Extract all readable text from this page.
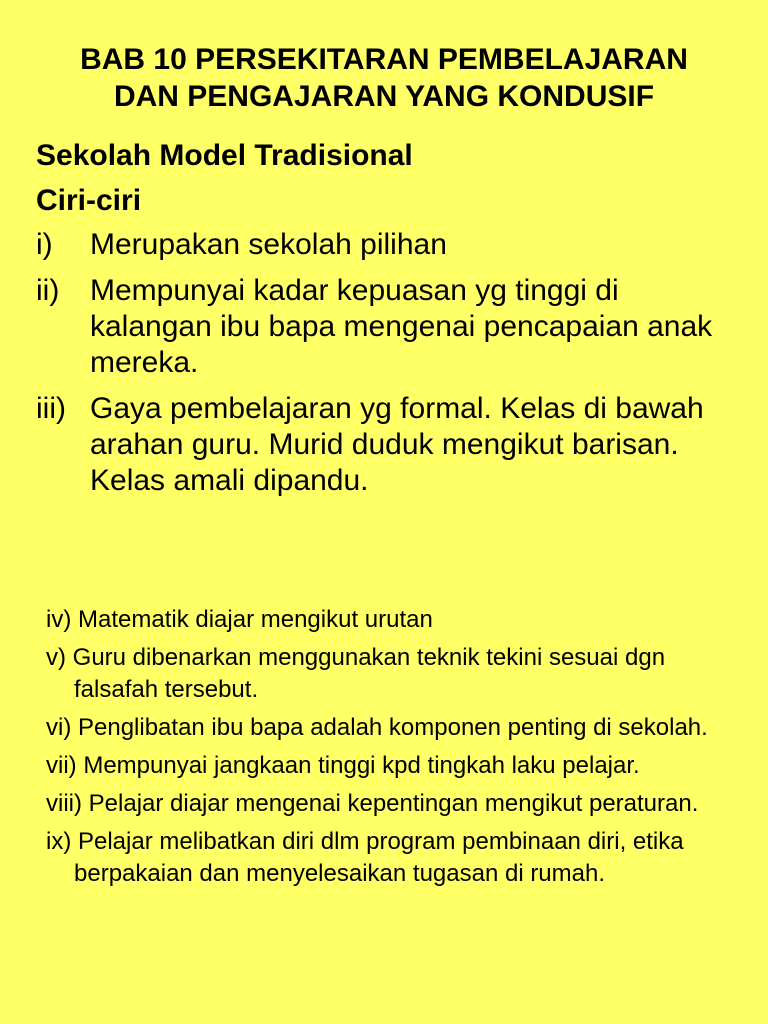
BAB 10 PERSEKITARAN PEMBELAJARAN
DAN PENGAJARAN YANG KONDUSIF
Sekolah Model Tradisional
Ciri-ciri
i) Merupakan sekolah pilihan
ii) Mempunyai kadar kepuasan yg tinggi di kalangan ibu bapa mengenai pencapaian anak mereka.
iii) Gaya pembelajaran yg formal. Kelas di bawah arahan guru. Murid duduk mengikut barisan. Kelas amali dipandu.
iv) Matematik diajar mengikut urutan
v) Guru dibenarkan menggunakan teknik tekini sesuai dgn falsafah tersebut.
vi) Penglibatan ibu bapa adalah komponen penting di sekolah.
vii) Mempunyai jangkaan tinggi kpd tingkah laku pelajar.
viii) Pelajar diajar mengenai kepentingan mengikut peraturan.
ix) Pelajar melibatkan diri dlm program pembinaan diri, etika berpakaian dan menyelesaikan tugasan di rumah.
